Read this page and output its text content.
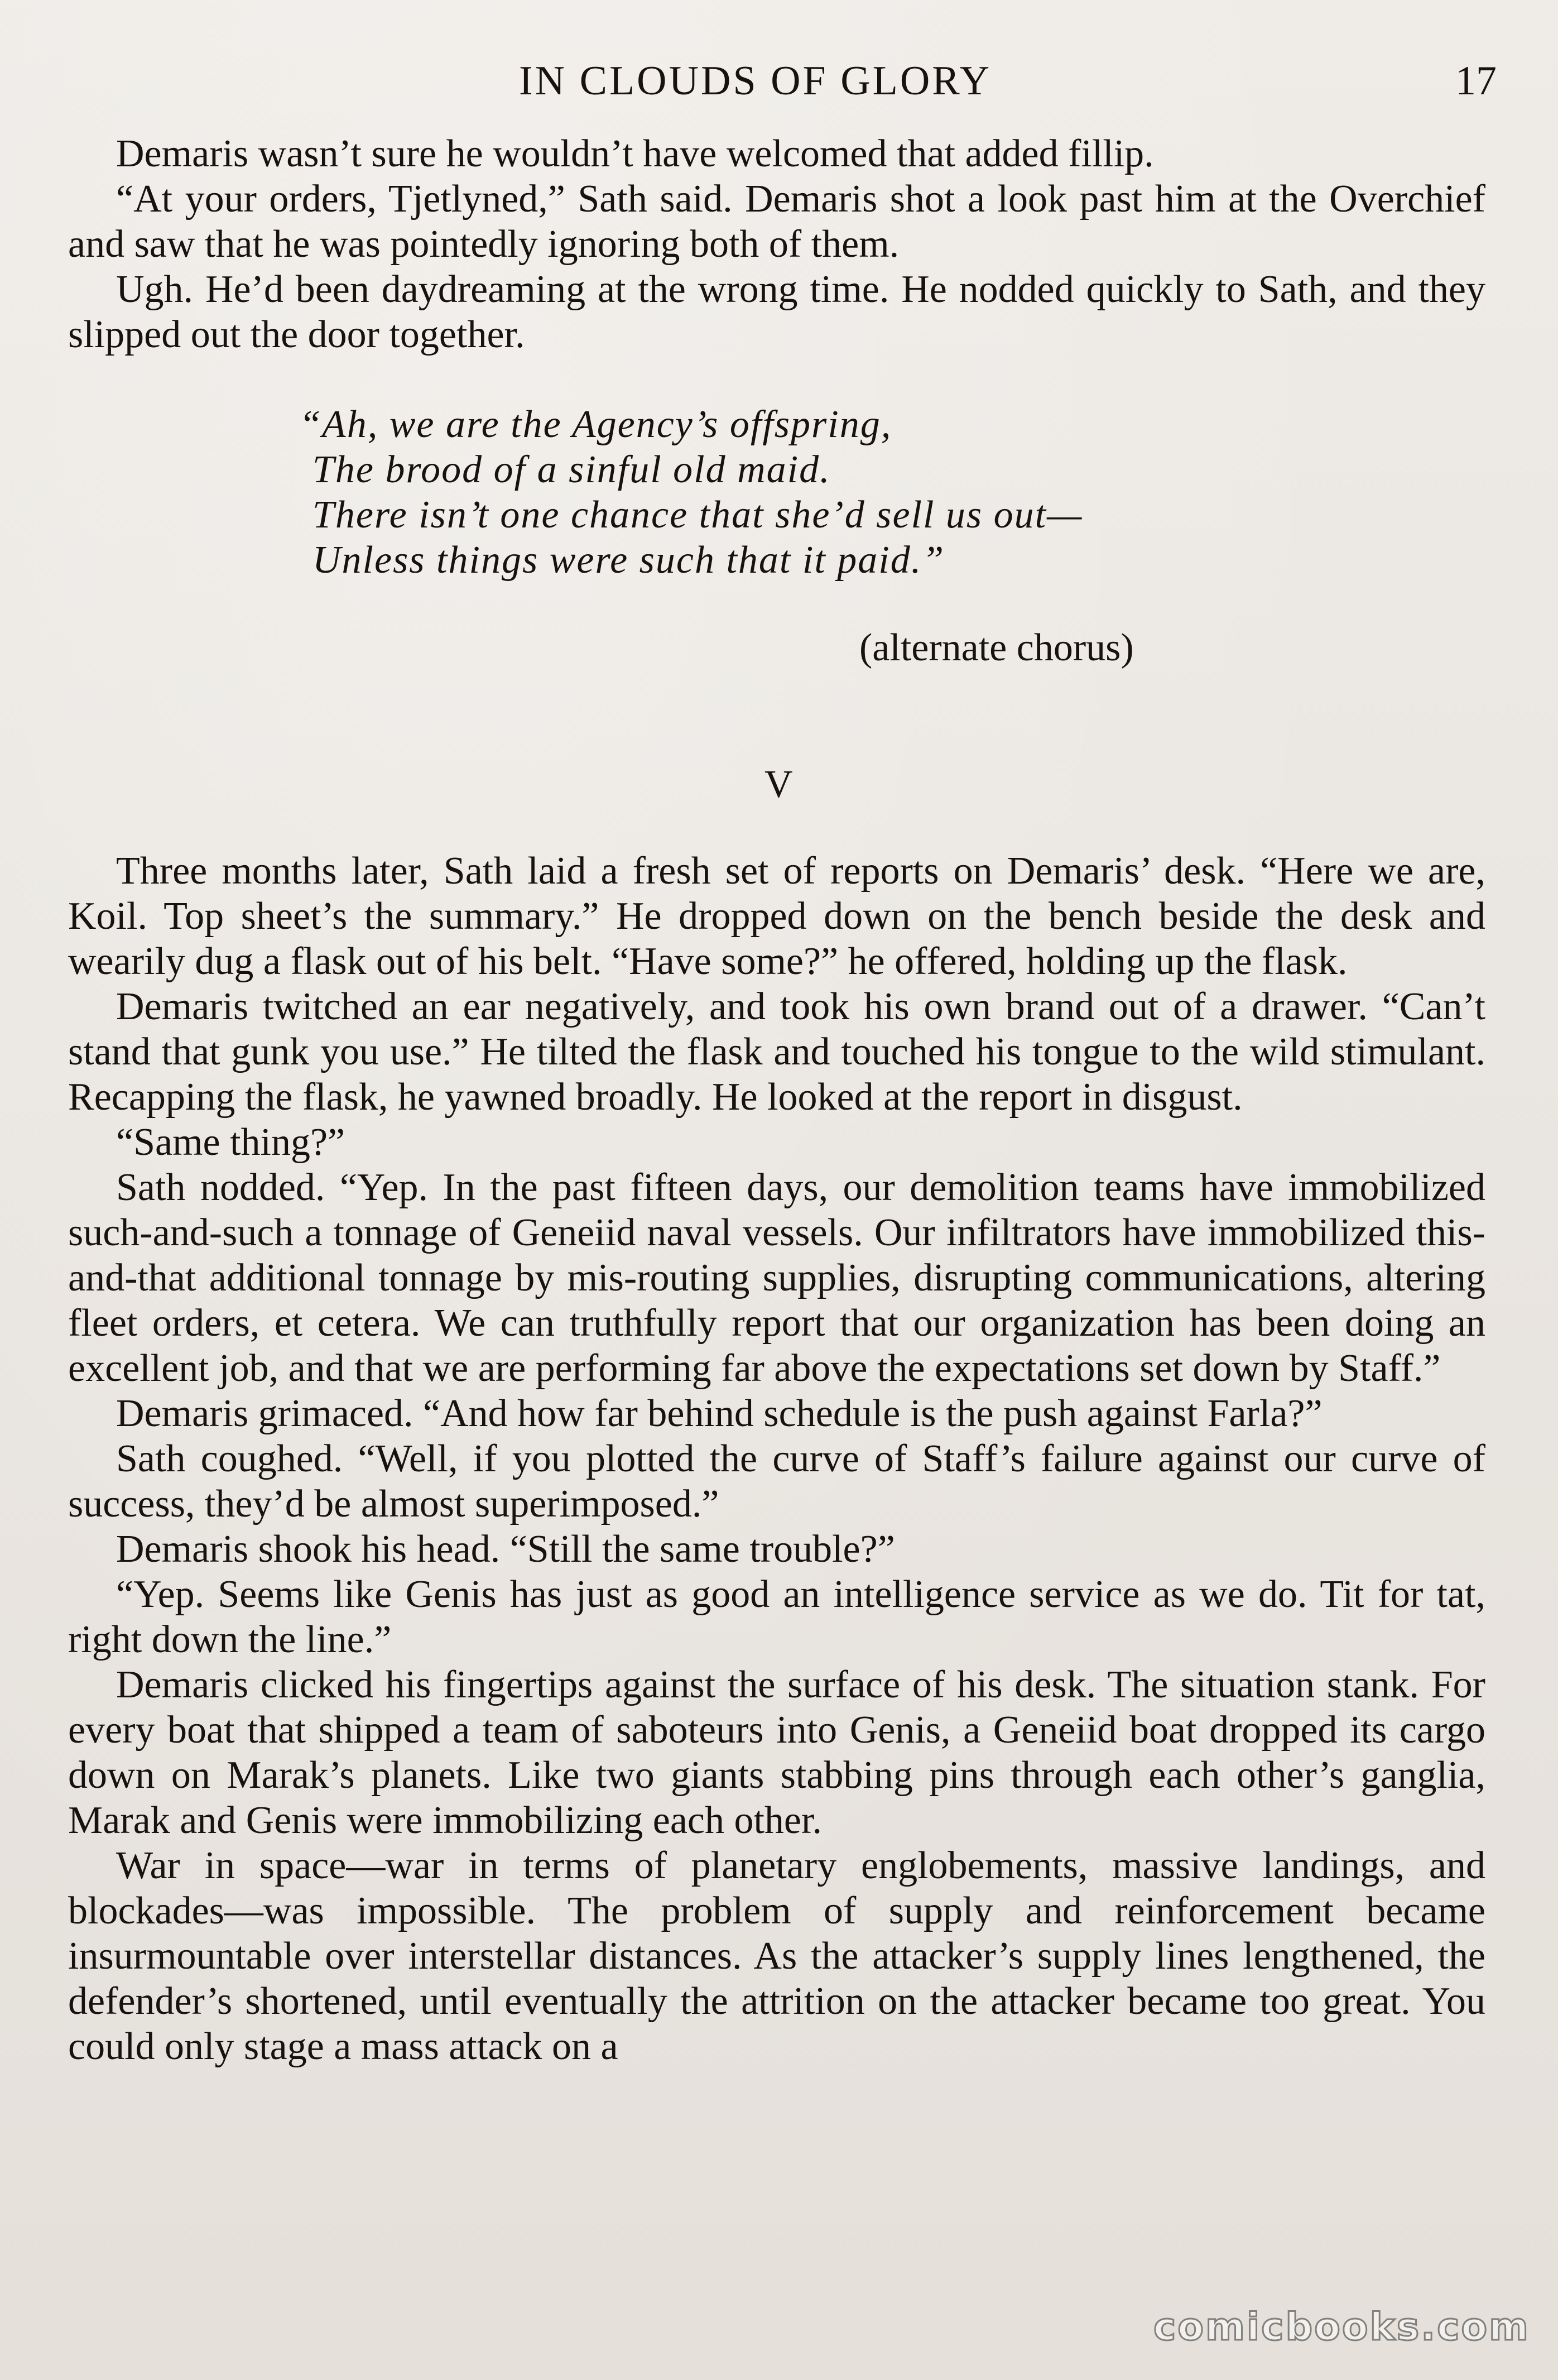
IN CLOUDS OF GLORY	17

Demaris wasn’t sure he wouldn’t have welcomed that added fillip.

“At your orders, Tjetlyned,” Sath said. Demaris shot a look past him at the Overchief and saw that he was pointedly ignoring both of them.

Ugh. He’d been daydreaming at the wrong time. He nodded quickly to Sath, and they slipped out the door together.

“Ah, we are the Agency’s offspring,
The brood of a sinful old maid.
There isn’t one chance that she’d sell us out—
Unless things were such that it paid.”
(alternate chorus)
V

Three months later, Sath laid a fresh set of reports on Demaris’ desk. “Here we are, Koil. Top sheet’s the summary.” He dropped down on the bench beside the desk and wearily dug a flask out of his belt. “Have some?” he offered, holding up the flask.

Demaris twitched an ear negatively, and took his own brand out of a drawer. “Can’t stand that gunk you use.” He tilted the flask and touched his tongue to the wild stimulant. Recapping the flask, he yawned broadly. He looked at the report in disgust.

“Same thing?”

Sath nodded. “Yep. In the past fifteen days, our demolition teams have immobilized such-and-such a tonnage of Geneiid naval vessels. Our infiltrators have immobilized this-and-that additional tonnage by mis-routing supplies, disrupting communications, altering fleet orders, et cetera. We can truthfully report that our organization has been doing an excellent job, and that we are performing far above the expectations set down by Staff.”

Demaris grimaced. “And how far behind schedule is the push against Farla?”

Sath coughed. “Well, if you plotted the curve of Staff’s failure against our curve of success, they’d be almost superimposed.”

Demaris shook his head. “Still the same trouble?”

“Yep. Seems like Genis has just as good an intelligence service as we do. Tit for tat, right down the line.”

Demaris clicked his fingertips against the surface of his desk. The situation stank. For every boat that shipped a team of saboteurs into Genis, a Geneiid boat dropped its cargo down on Marak’s planets. Like two giants stabbing pins through each other’s ganglia, Marak and Genis were immobilizing each other.

War in space—war in terms of planetary englobements, massive landings, and blockades—was impossible. The problem of supply and reinforcement became insurmountable over interstellar distances. As the attacker’s supply lines lengthened, the defender’s shortened, until eventually the attrition on the attacker became too great. You could only stage a mass attack on a

comicbooks.com
